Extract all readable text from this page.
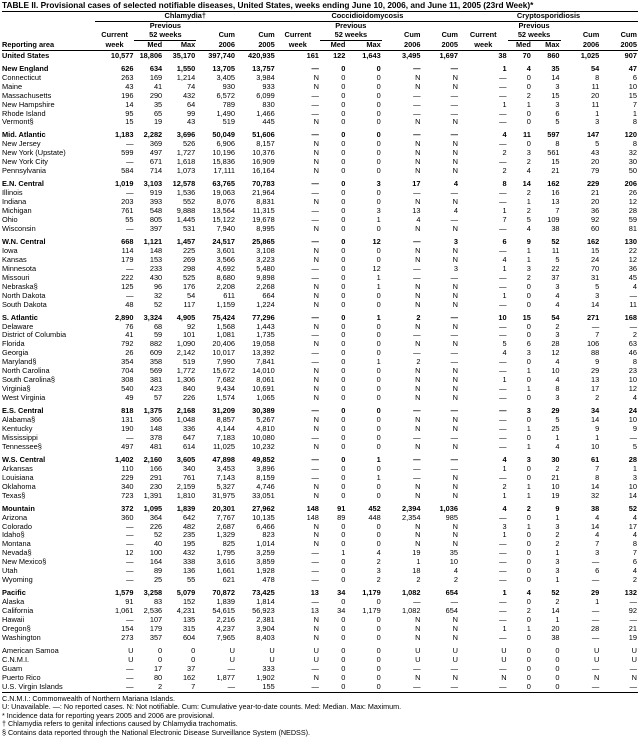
TABLE II. Provisional cases of selected notifiable diseases, United States, weeks ending June 10, 2006, and June 11, 2005 (23rd Week)*
	Chlamydia†					Coccidioidomycosis					Cryptosporidiosis				
		Previous					Previous					Previous			
	Current	52 weeks		Cum	Cum	Current	52 weeks		Cum	Cum	Current	52 weeks		Cum	Cum
Reporting area	week	Med	Max	2006	2005	week	Med	Max	2006	2005	week	Med	Max	2006	2005

United States	10,577	18,806	35,170	397,740	420,935	161	122	1,643	3,495	1,697	38	70	860	1,025	907

New England	626	634	1,550	13,705	13,757	—	0	0	—	—	1	4	35	54	47
Connecticut	263	169	1,214	3,405	3,984	N	0	0	N	N	—	0	14	8	6
Maine	43	41	74	930	933	N	0	0	N	N	—	0	3	11	10
Massachusetts	196	290	432	6,572	6,099	—	0	0	—	—	—	2	15	20	15
New Hampshire	14	35	64	789	830	—	0	0	—	—	1	1	3	11	7
Rhode Island	95	65	99	1,490	1,466	—	0	0	—	—	—	0	6	1	1
Vermont§	15	19	43	519	445	N	0	0	N	N	—	0	5	3	8

Mid. Atlantic	1,183	2,282	3,696	50,049	51,606	—	0	0	—	—	4	11	597	147	120
New Jersey	—	369	526	6,906	8,157	N	0	0	N	N	—	0	8	5	8
New York (Upstate)	599	497	1,727	10,196	10,376	N	0	0	N	N	2	3	561	43	32
New York City	—	671	1,618	15,836	16,909	N	0	0	N	N	—	2	15	20	30
Pennsylvania	584	714	1,073	17,111	16,164	N	0	0	N	N	2	4	21	79	50

E.N. Central	1,019	3,103	12,578	63,765	70,783	—	0	3	17	4	8	14	162	229	206
Illinois	—	919	1,536	19,063	21,964	—	0	0	—	—	—	2	16	21	26
Indiana	203	393	552	8,076	8,831	N	0	0	N	N	—	1	13	20	12
Michigan	761	548	9,888	13,564	11,315	—	0	3	13	4	1	2	7	36	28
Ohio	55	805	1,445	15,122	19,678	—	0	1	4	—	7	5	109	92	59
Wisconsin	—	397	531	7,940	8,995	N	0	0	N	N	—	4	38	60	81

W.N. Central	668	1,121	1,457	24,517	25,865	—	0	12	—	3	6	9	52	162	130
Iowa	114	148	225	3,601	3,108	N	0	0	N	N	—	1	11	15	22
Kansas	179	153	269	3,566	3,223	N	0	0	N	N	4	1	5	24	12
Minnesota	—	233	298	4,692	5,480	—	0	12	—	3	1	3	22	70	36
Missouri	222	430	525	8,680	9,898	—	0	1	—	—	—	2	37	31	45
Nebraska§	125	96	176	2,208	2,268	N	0	1	N	N	—	0	3	5	4
North Dakota	—	32	54	611	664	N	0	0	N	N	1	0	4	3	—
South Dakota	48	52	117	1,159	1,224	N	0	0	N	N	—	0	4	14	11

S. Atlantic	2,890	3,324	4,905	75,424	77,296	—	0	1	2	—	10	15	54	271	168
Delaware	76	68	92	1,568	1,443	N	0	0	N	N	—	0	2	—	—
District of Columbia	41	59	101	1,081	1,735	—	0	0	—	—	—	0	3	7	2
Florida	792	882	1,090	20,406	19,058	N	0	0	N	N	5	6	28	106	63
Georgia	26	609	2,142	10,017	13,392	—	0	0	—	—	4	3	12	88	46
Maryland§	354	358	519	7,990	7,841	—	0	1	2	—	—	0	4	9	8
North Carolina	704	569	1,772	15,672	14,010	N	0	0	N	N	—	1	10	29	23
South Carolina§	308	381	1,306	7,682	8,061	N	0	0	N	N	1	0	4	13	10
Virginia§	540	423	840	9,434	10,691	N	0	0	N	N	—	1	8	17	12
West Virginia	49	57	226	1,574	1,065	N	0	0	N	N	—	0	3	2	4

E.S. Central	818	1,375	2,168	31,209	30,389	—	0	0	—	—	—	3	29	34	24
Alabama§	131	366	1,048	8,857	5,267	N	0	0	N	N	—	0	5	14	10
Kentucky	190	148	336	4,144	4,810	N	0	0	N	N	—	1	25	9	9
Mississippi	—	378	647	7,183	10,080	—	0	0	—	—	—	0	1	1	—
Tennessee§	497	481	614	11,025	10,232	N	0	0	N	N	—	1	4	10	5

W.S. Central	1,402	2,160	3,605	47,898	49,852	—	0	1	—	—	4	3	30	61	28
Arkansas	110	166	340	3,453	3,896	—	0	0	—	—	1	0	2	7	1
Louisiana	229	291	761	7,143	8,159	—	0	1	—	N	—	0	21	8	3
Oklahoma	340	230	2,159	5,327	4,746	N	0	0	N	N	2	1	10	14	10
Texas§	723	1,391	1,810	31,975	33,051	N	0	0	N	N	1	1	19	32	14

Mountain	372	1,095	1,839	20,301	27,962	148	91	452	2,394	1,036	4	2	9	38	52
Arizona	360	364	642	7,767	10,135	148	89	448	2,354	985	—	0	1	4	4
Colorado	—	226	482	2,687	6,466	N	0	0	N	N	3	1	3	14	17
Idaho§	—	52	235	1,329	823	N	0	0	N	N	1	0	2	4	4
Montana	—	40	195	825	1,014	N	0	0	N	N	—	0	2	7	8
Nevada§	12	100	432	1,795	3,259	—	1	4	19	35	—	0	1	3	7
New Mexico§	—	164	338	3,616	3,859	—	0	2	1	10	—	0	3	—	6
Utah	—	89	136	1,661	1,928	—	0	3	18	4	—	0	3	6	4
Wyoming	—	25	55	621	478	—	0	2	2	2	—	0	1	—	2

Pacific	1,579	3,258	5,079	70,872	73,425	13	34	1,179	1,082	654	1	4	52	29	132
Alaska	91	83	152	1,839	1,814	—	0	0	—	—	—	0	2	1	—
California	1,061	2,536	4,231	54,615	56,923	13	34	1,179	1,082	654	—	2	14	—	92
Hawaii	—	107	135	2,216	2,381	N	0	0	N	N	—	0	1	—	—
Oregon§	154	179	315	4,237	3,904	N	0	0	N	N	1	1	20	28	21
Washington	273	357	604	7,965	8,403	N	0	0	N	N	—	0	38	—	19

American Samoa	U	0	0	U	U	U	0	0	U	U	U	0	0	U	U
C.N.M.I.	U	0	0	U	U	U	0	0	U	U	U	0	0	U	U
Guam	—	17	37	—	333	—	0	0	—	—	—	0	0	—	—
Puerto Rico	—	80	162	1,877	1,902	N	0	0	N	N	N	0	0	N	N
U.S. Virgin Islands	—	2	7	—	155	—	0	0	—	—	—	0	0	—	—
C.N.M.I.: Commonwealth of Northern Mariana Islands.
U: Unavailable. —: No reported cases. N: Not notifiable. Cum: Cumulative year-to-date counts. Med: Median. Max: Maximum.
* Incidence data for reporting years 2005 and 2006 are provisional.
† Chlamydia refers to genital infections caused by Chlamydia trachomatis.
§ Contains data reported through the National Electronic Disease Surveillance System (NEDSS).
